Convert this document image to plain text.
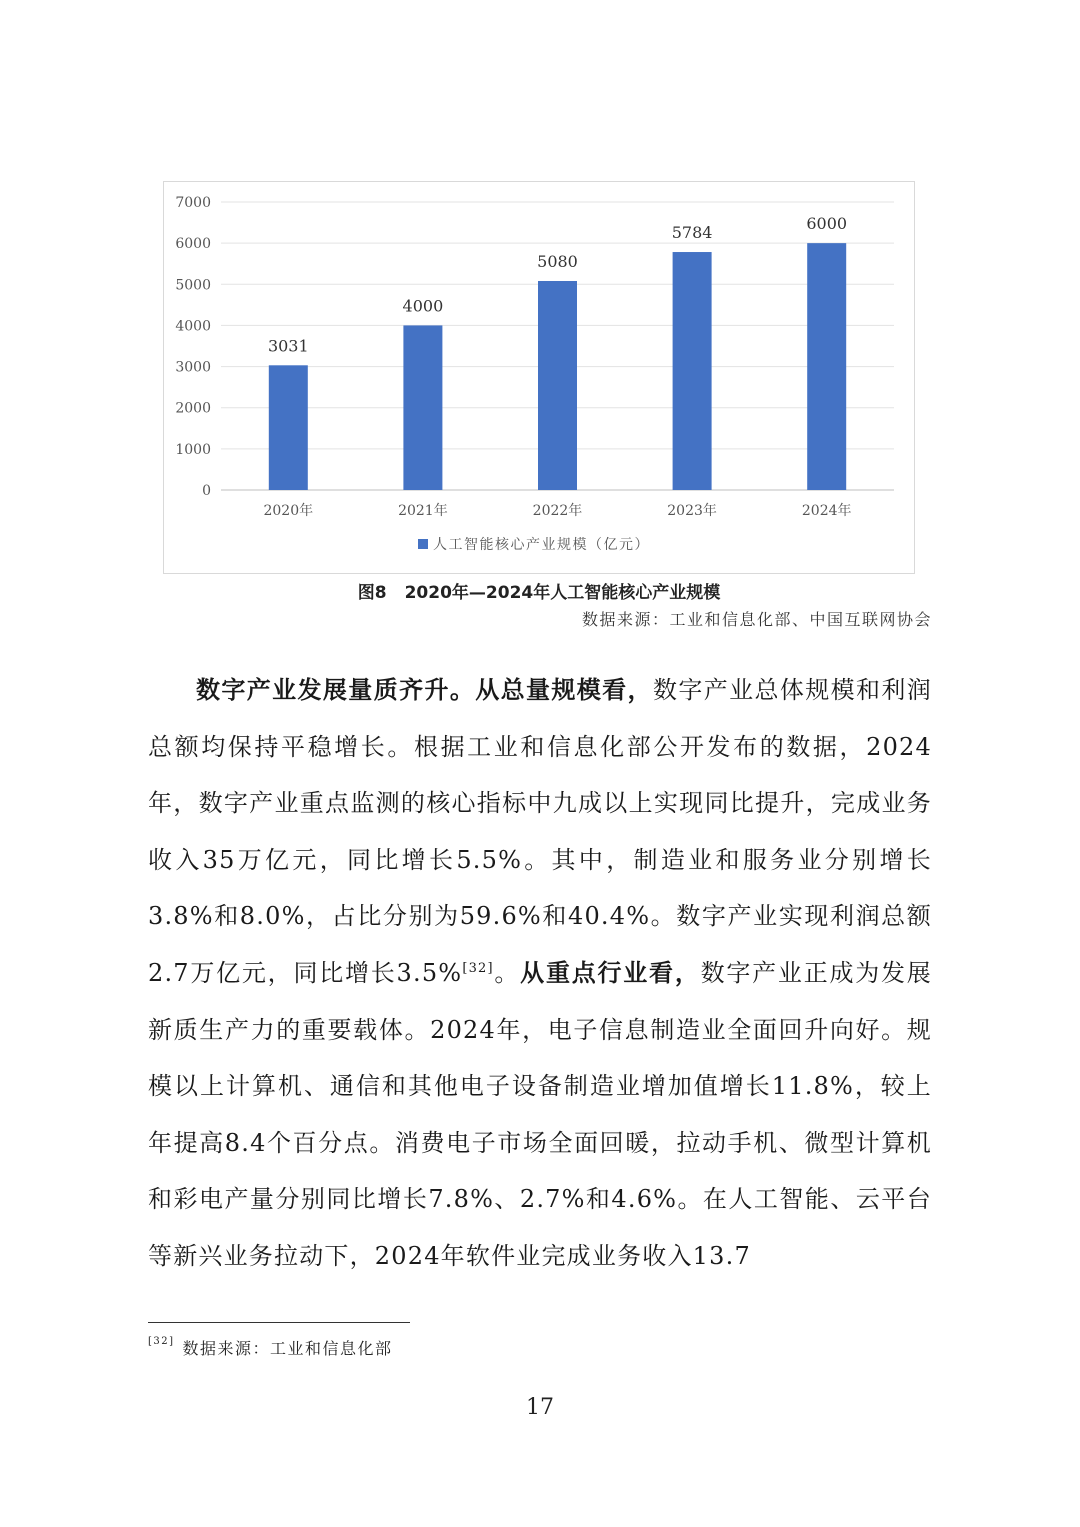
0
1000
2000
3000
4000
5000
6000
7000
3031
2020年
4000
2021年
5080
2022年
5784
2023年
6000
2024年
人工智能核心产业规模（亿元）
图8 2020年—2024年人工智能核心产业规模
数据来源：工业和信息化部、中国互联网协会

数字产业发展量质齐升。从总量规模看，数字产业总体规模和利润总额均保持平稳增长。根据工业和信息化部公开发布的数据，2024年，数字产业重点监测的核心指标中九成以上实现同比提升，完成业务收入35万亿元，同比增长5.5%。其中，制造业和服务业分别增长3.8%和8.0%，占比分别为59.6%和40.4%。数字产业实现利润总额2.7万亿元，同比增长3.5%[32]。从重点行业看，数字产业正成为发展新质生产力的重要载体。2024年，电子信息制造业全面回升向好。规模以上计算机、通信和其他电子设备制造业增加值增长11.8%，较上年提高8.4个百分点。消费电子市场全面回暖，拉动手机、微型计算机和彩电产量分别同比增长7.8%、2.7%和4.6%。在人工智能、云平台等新兴业务拉动下，2024年软件业完成业务收入13.7

[32] 数据来源：工业和信息化部
17
